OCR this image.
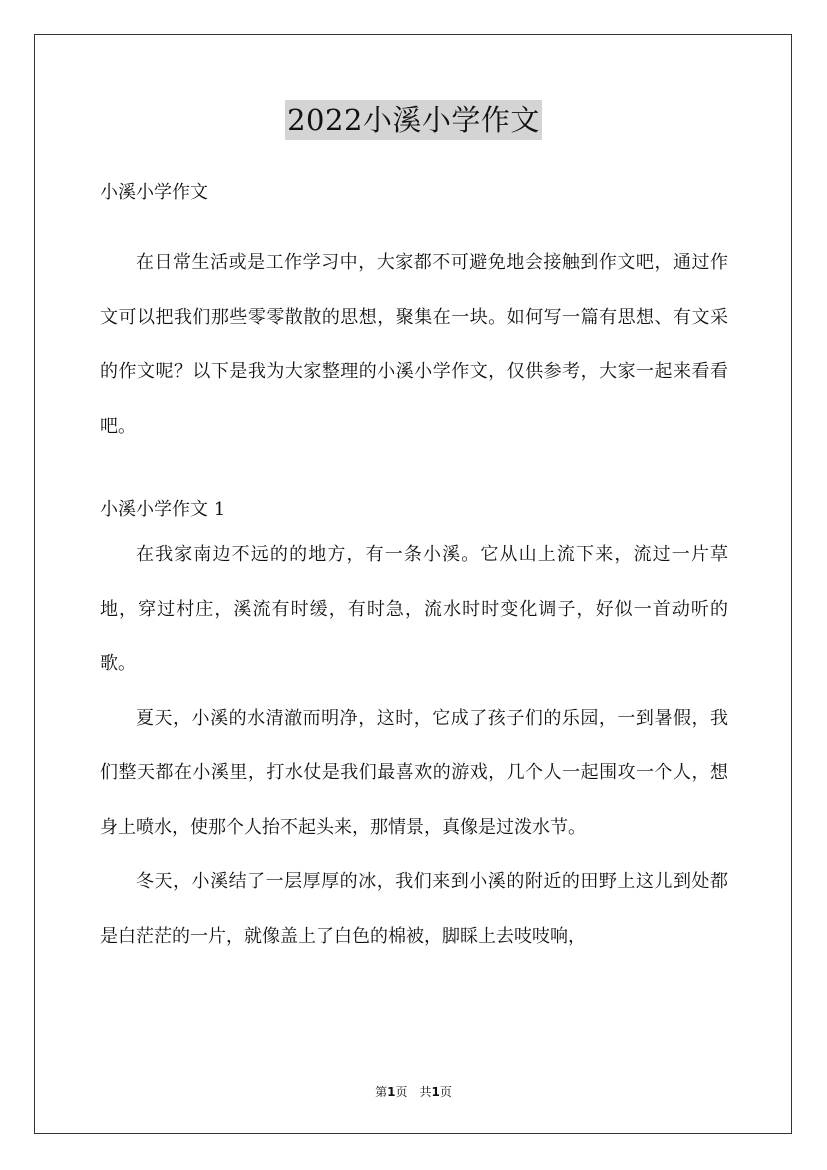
2022小溪小学作文

小溪小学作文

在日常生活或是工作学习中，大家都不可避免地会接触到作文吧，通过作文可以把我们那些零零散散的思想，聚集在一块。如何写一篇有思想、有文采的作文呢？以下是我为大家整理的小溪小学作文，仅供参考，大家一起来看看吧。

小溪小学作文 1

在我家南边不远的的地方，有一条小溪。它从山上流下来，流过一片草地，穿过村庄，溪流有时缓，有时急，流水时时变化调子，好似一首动听的歌。

夏天，小溪的水清澈而明净，这时，它成了孩子们的乐园，一到暑假，我们整天都在小溪里，打水仗是我们最喜欢的游戏，几个人一起围攻一个人，想身上喷水，使那个人抬不起头来，那情景，真像是过泼水节。

冬天，小溪结了一层厚厚的冰，我们来到小溪的附近的田野上这儿到处都是白茫茫的一片，就像盖上了白色的棉被，脚睬上去吱吱响，

第1页　共1页
